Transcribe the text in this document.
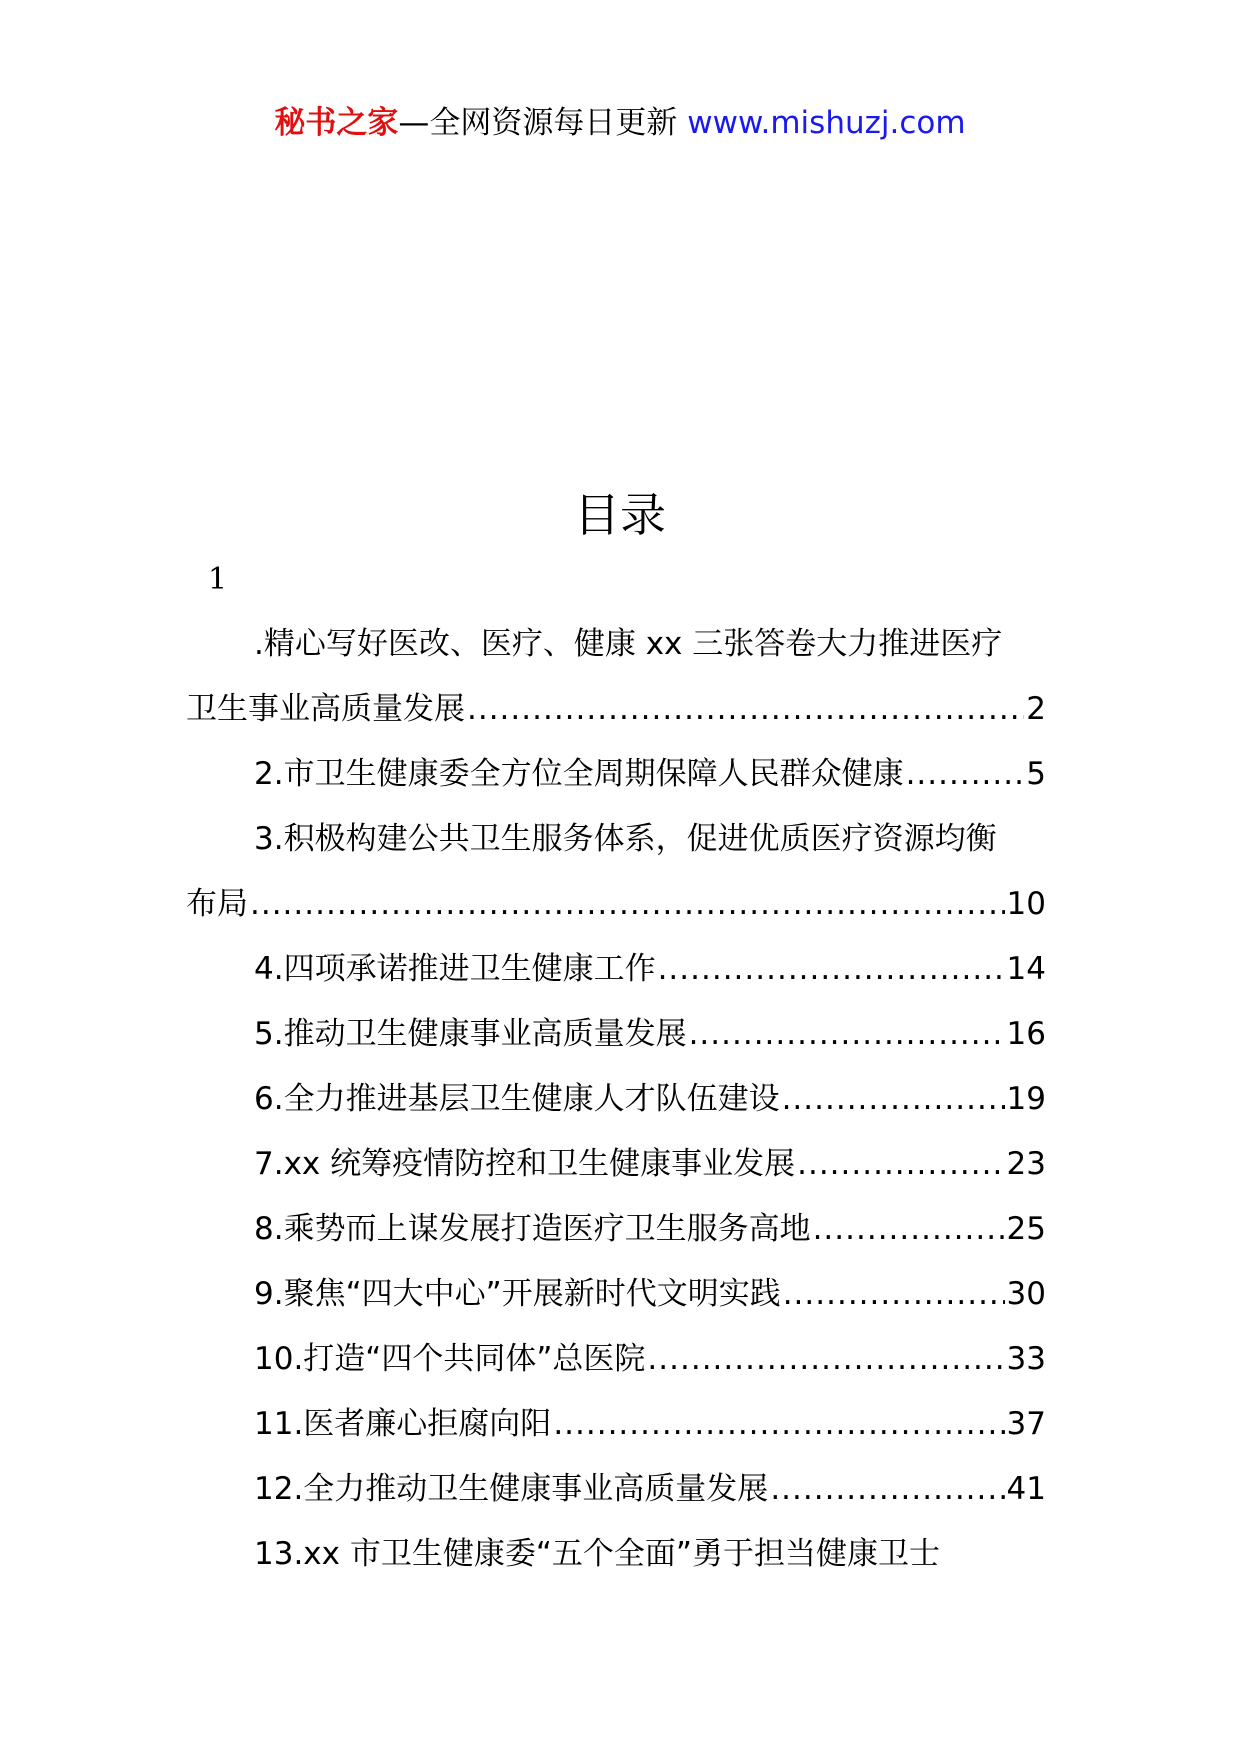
秘书之家—全网资源每日更新 www.mishuzj.com
目录
1
.精心写好医改、医疗、健康 xx 三张答卷大力推进医疗
卫生事业高质量发展 .....	2
2.市卫生健康委全方位全周期保障人民群众健康 .....	5
3.积极构建公共卫生服务体系，促进优质医疗资源均衡
布局 .....	10
4.四项承诺推进卫生健康工作 .....	14
5.推动卫生健康事业高质量发展 .....	16
6.全力推进基层卫生健康人才队伍建设 .....	19
7.xx 统筹疫情防控和卫生健康事业发展 .....	23
8.乘势而上谋发展打造医疗卫生服务高地 .....	25
9.聚焦“四大中心”开展新时代文明实践 .....	30
10.打造“四个共同体”总医院 .....	33
11.医者廉心拒腐向阳 .....	37
12.全力推动卫生健康事业高质量发展 .....	41
13.xx 市卫生健康委“五个全面”勇于担当健康卫士
